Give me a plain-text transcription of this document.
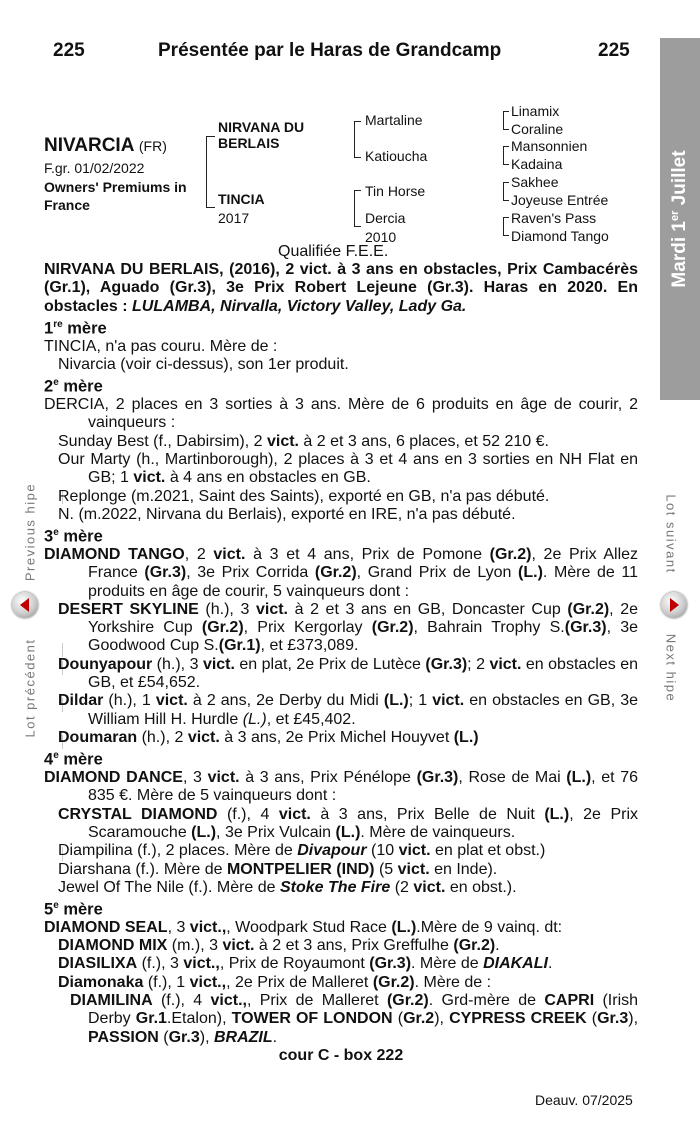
225	Présentée par le Haras de Grandcamp	225
Mardi 1er Juillet
NIVARCIA (FR)
F.gr. 01/02/2022
Owners' Premiums in
France
NIRVANA DU
BERLAIS
TINCIA
2017
Martaline
Katioucha
Tin Horse
Dercia
2010
Linamix
Coraline
Mansonnien
Kadaina
Sakhee
Joyeuse Entrée
Raven's Pass
Diamond Tango
Qualifiée F.E.E.
Previous hipe
Lot précédent
Lot suivant
Next hipe

NIRVANA DU BERLAIS, (2016), 2 vict. à 3 ans en obstacles, Prix Cambacérès (Gr.1), Aguado (Gr.3), 3e Prix Robert Lejeune (Gr.3). Haras en 2020. En obstacles : LULAMBA, Nirvalla, Victory Valley, Lady Ga.

1re mère

TINCIA, n'a pas couru. Mère de :

Nivarcia (voir ci-dessus), son 1er produit.

2e mère

DERCIA, 2 places en 3 sorties à 3 ans. Mère de 6 produits en âge de courir, 2 vainqueurs :

Sunday Best (f., Dabirsim), 2 vict. à 2 et 3 ans, 6 places, et 52 210 €.

Our Marty (h., Martinborough), 2 places à 3 et 4 ans en 3 sorties en NH Flat en GB; 1 vict. à 4 ans en obstacles en GB.

Replonge (m.2021, Saint des Saints), exporté en GB, n'a pas débuté.

N. (m.2022, Nirvana du Berlais), exporté en IRE, n'a pas débuté.

3e mère

DIAMOND TANGO, 2 vict. à 3 et 4 ans, Prix de Pomone (Gr.2), 2e Prix Allez France (Gr.3), 3e Prix Corrida (Gr.2), Grand Prix de Lyon (L.). Mère de 11 produits en âge de courir, 5 vainqueurs dont :

DESERT SKYLINE (h.), 3 vict. à 2 et 3 ans en GB, Doncaster Cup (Gr.2), 2e Yorkshire Cup (Gr.2), Prix Kergorlay (Gr.2), Bahrain Trophy S.(Gr.3), 3e Goodwood Cup S.(Gr.1), et £373,089.

Dounyapour (h.), 3 vict. en plat, 2e Prix de Lutèce (Gr.3); 2 vict. en obstacles en GB, et £54,652.

Dildar (h.), 1 vict. à 2 ans, 2e Derby du Midi (L.); 1 vict. en obstacles en GB, 3e William Hill H. Hurdle (L.), et £45,402.

Doumaran (h.), 2 vict. à 3 ans, 2e Prix Michel Houyvet (L.)

4e mère

DIAMOND DANCE, 3 vict. à 3 ans, Prix Pénélope (Gr.3), Rose de Mai (L.), et 76 835 €. Mère de 5 vainqueurs dont :

CRYSTAL DIAMOND (f.), 4 vict. à 3 ans, Prix Belle de Nuit (L.), 2e Prix Scaramouche (L.), 3e Prix Vulcain (L.). Mère de vainqueurs.

Diampilina (f.), 2 places. Mère de Divapour (10 vict. en plat et obst.)

Diarshana (f.). Mère de MONTPELIER (IND) (5 vict. en Inde).

Jewel Of The Nile (f.). Mère de Stoke The Fire (2 vict. en obst.).

5e mère

DIAMOND SEAL, 3 vict.,, Woodpark Stud Race (L.).Mère de 9 vainq. dt:

DIAMOND MIX (m.), 3 vict. à 2 et 3 ans, Prix Greffulhe (Gr.2).

DIASILIXA (f.), 3 vict.,, Prix de Royaumont (Gr.3). Mère de DIAKALI.

Diamonaka (f.), 1 vict.,, 2e Prix de Malleret (Gr.2). Mère de :

DIAMILINA (f.), 4 vict.,, Prix de Malleret (Gr.2). Grd-mère de CAPRI (Irish Derby Gr.1.Etalon), TOWER OF LONDON (Gr.2), CYPRESS CREEK (Gr.3), PASSION (Gr.3), BRAZIL.

cour C - box 222

Deauv. 07/2025
